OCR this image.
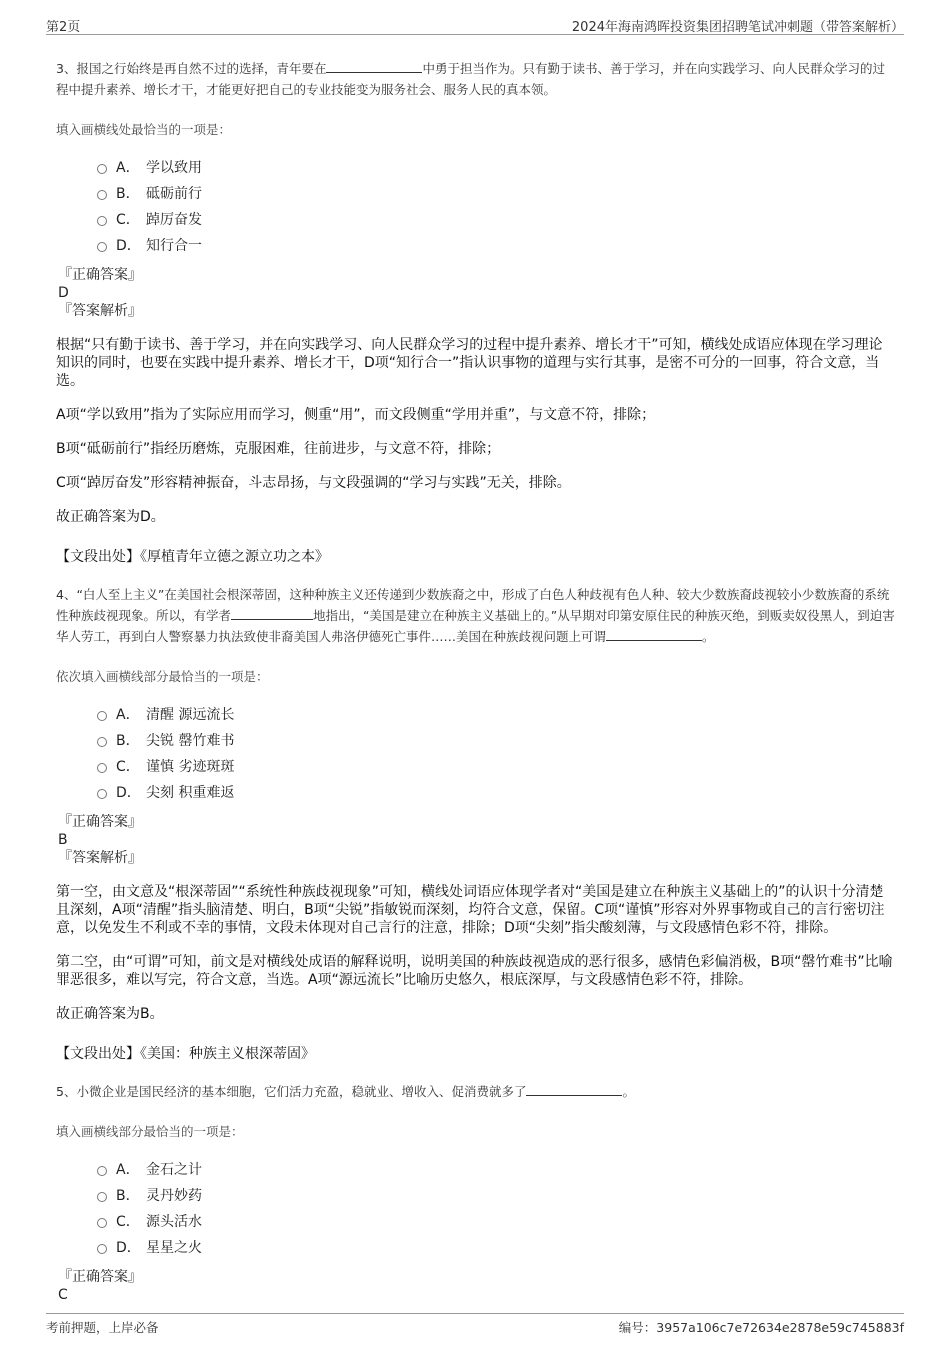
第2页	2024年海南鸿晖投资集团招聘笔试冲刺题（带答案解析）

3、报国之行始终是再自然不过的选择，青年要在	中勇于担当作为。只有勤于读书、善于学习，并在向实践学习、向人民群众学习的过程中提升素养、增长才干，才能更好把自己的专业技能变为服务社会、服务人民的真本领。

填入画横线处最恰当的一项是：
A． 学以致用
B． 砥砺前行
C． 踔厉奋发
D． 知行合一
『正确答案』
D
『答案解析』

根据“只有勤于读书、善于学习，并在向实践学习、向人民群众学习的过程中提升素养、增长才干”可知，横线处成语应体现在学习理论知识的同时，也要在实践中提升素养、增长才干，D项“知行合一”指认识事物的道理与实行其事，是密不可分的一回事，符合文意，当选。

A项“学以致用”指为了实际应用而学习，侧重“用”，而文段侧重“学用并重”，与文意不符，排除；

B项“砥砺前行”指经历磨炼，克服困难，往前进步，与文意不符，排除；

C项“踔厉奋发”形容精神振奋，斗志昂扬，与文段强调的“学习与实践”无关，排除。

故正确答案为D。

【文段出处】《厚植青年立德之源立功之本》

4、“白人至上主义”在美国社会根深蒂固，这种种族主义还传递到少数族裔之中，形成了白色人种歧视有色人种、较大少数族裔歧视较小少数族裔的系统性种族歧视现象。所以，有学者	地指出，“美国是建立在种族主义基础上的。”从早期对印第安原住民的种族灭绝，到贩卖奴役黑人，到迫害华人劳工，再到白人警察暴力执法致使非裔美国人弗洛伊德死亡事件……美国在种族歧视问题上可谓	。

依次填入画横线部分最恰当的一项是：
A． 清醒 源远流长
B． 尖锐 罄竹难书
C． 谨慎 劣迹斑斑
D． 尖刻 积重难返
『正确答案』
B
『答案解析』

第一空，由文意及“根深蒂固”“系统性种族歧视现象”可知，横线处词语应体现学者对“美国是建立在种族主义基础上的”的认识十分清楚且深刻，A项“清醒”指头脑清楚、明白，B项“尖锐”指敏锐而深刻，均符合文意，保留。C项“谨慎”形容对外界事物或自己的言行密切注意，以免发生不利或不幸的事情，文段未体现对自己言行的注意，排除；D项“尖刻”指尖酸刻薄，与文段感情色彩不符，排除。

第二空，由“可谓”可知，前文是对横线处成语的解释说明，说明美国的种族歧视造成的恶行很多，感情色彩偏消极，B项“罄竹难书”比喻罪恶很多，难以写完，符合文意，当选。A项“源远流长”比喻历史悠久，根底深厚，与文段感情色彩不符，排除。

故正确答案为B。

【文段出处】《美国：种族主义根深蒂固》

5、小微企业是国民经济的基本细胞，它们活力充盈，稳就业、增收入、促消费就多了	。

填入画横线部分最恰当的一项是：
A． 金石之计
B． 灵丹妙药
C． 源头活水
D． 星星之火
『正确答案』
C
考前押题，上岸必备	编号：3957a106c7e72634e2878e59c745883f
